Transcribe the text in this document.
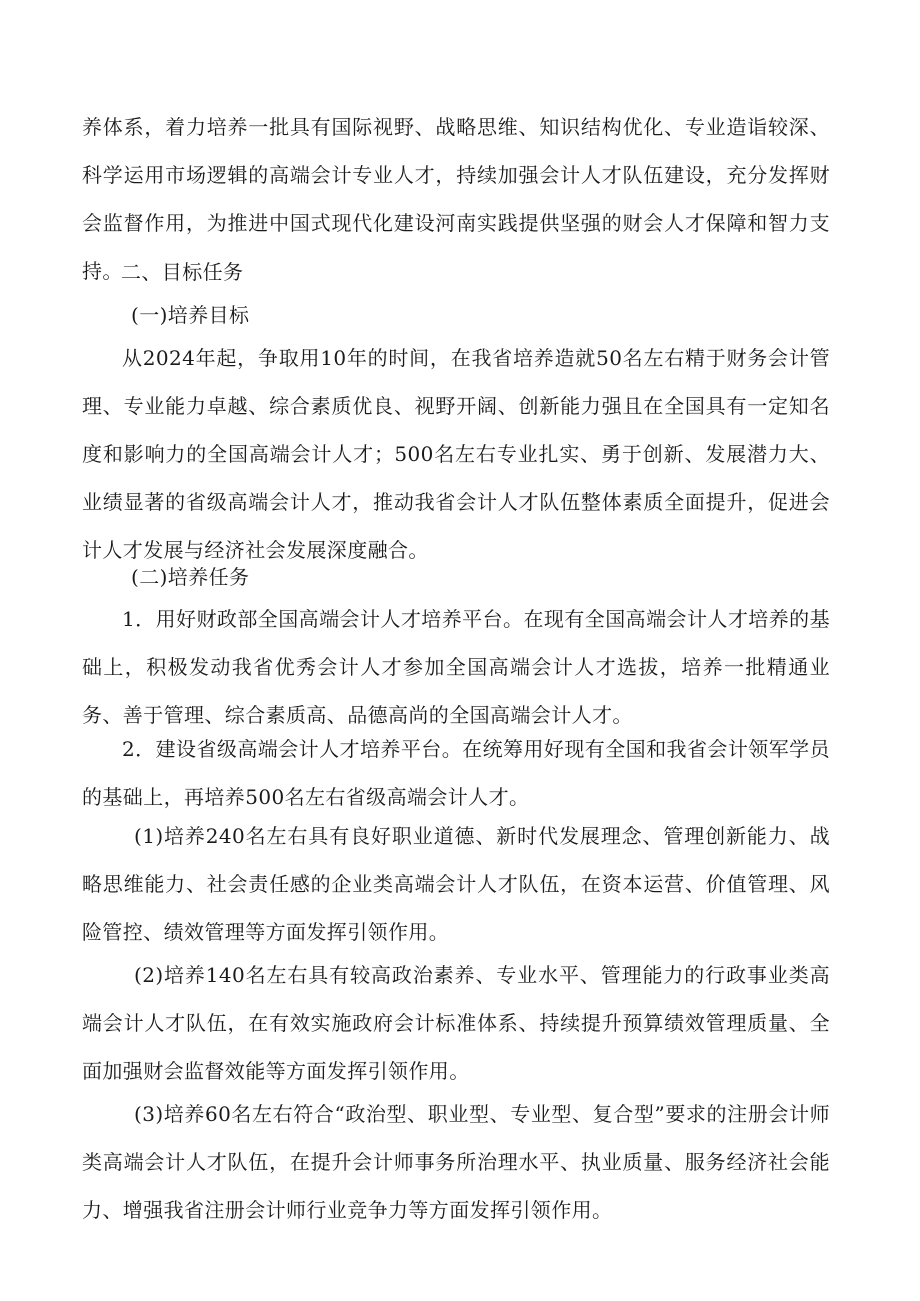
养体系，着力培养一批具有国际视野、战略思维、知识结构优化、专业造诣较深、科学运用市场逻辑的高端会计专业人才，持续加强会计人才队伍建设，充分发挥财会监督作用，为推进中国式现代化建设河南实践提供坚强的财会人才保障和智力支持。

二、目标任务

(一)培养目标

从2024年起，争取用10年的时间，在我省培养造就50名左右精于财务会计管理、专业能力卓越、综合素质优良、视野开阔、创新能力强且在全国具有一定知名度和影响力的全国高端会计人才；500名左右专业扎实、勇于创新、发展潜力大、业绩显著的省级高端会计人才，推动我省会计人才队伍整体素质全面提升，促进会计人才发展与经济社会发展深度融合。

(二)培养任务

1．用好财政部全国高端会计人才培养平台。在现有全国高端会计人才培养的基础上，积极发动我省优秀会计人才参加全国高端会计人才选拔，培养一批精通业务、善于管理、综合素质高、品德高尚的全国高端会计人才。

2．建设省级高端会计人才培养平台。在统筹用好现有全国和我省会计领军学员的基础上，再培养500名左右省级高端会计人才。

(1)培养240名左右具有良好职业道德、新时代发展理念、管理创新能力、战略思维能力、社会责任感的企业类高端会计人才队伍，在资本运营、价值管理、风险管控、绩效管理等方面发挥引领作用。

(2)培养140名左右具有较高政治素养、专业水平、管理能力的行政事业类高端会计人才队伍，在有效实施政府会计标准体系、持续提升预算绩效管理质量、全面加强财会监督效能等方面发挥引领作用。

(3)培养60名左右符合“政治型、职业型、专业型、复合型”要求的注册会计师类高端会计人才队伍，在提升会计师事务所治理水平、执业质量、服务经济社会能力、增强我省注册会计师行业竞争力等方面发挥引领作用。
